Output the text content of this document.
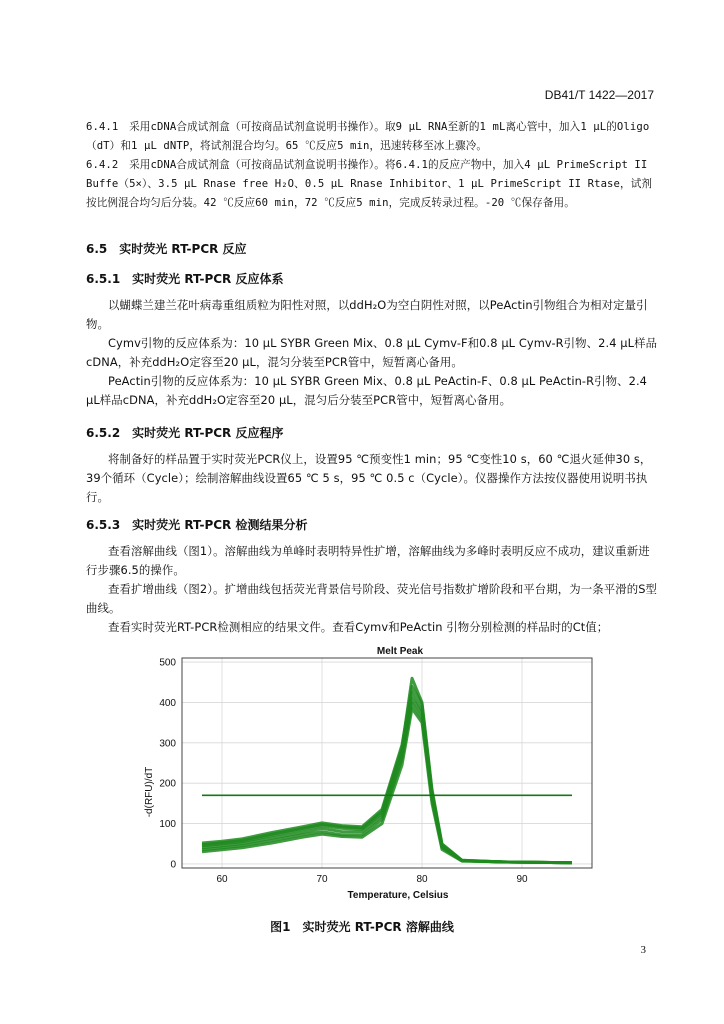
DB41/T 1422—2017

6.4.1　采用cDNA合成试剂盒（可按商品试剂盒说明书操作）。取9 μL RNA至新的1 mL离心管中，加入1 μL的Oligo（dT）和1 μL dNTP，将试剂混合均匀。65 ℃反应5 min，迅速转移至冰上骤冷。

6.4.2　采用cDNA合成试剂盒（可按商品试剂盒说明书操作）。将6.4.1的反应产物中，加入4 μL PrimeScript II Buffe（5×）、3.5 μL Rnase free H₂O、0.5 μL Rnase Inhibitor、1 μL PrimeScript II Rtase，试剂按比例混合均匀后分装。42 ℃反应60 min，72 ℃反应5 min，完成反转录过程。-20 ℃保存备用。

6.5　实时荧光 RT-PCR 反应
6.5.1　实时荧光 RT-PCR 反应体系

以蝴蝶兰建兰花叶病毒重组质粒为阳性对照，以ddH₂O为空白阴性对照，以PeActin引物组合为相对定量引物。

Cymv引物的反应体系为：10 μL SYBR Green Mix、0.8 μL Cymv-F和0.8 μL Cymv-R引物、2.4 μL样品cDNA，补充ddH₂O定容至20 μL，混匀分装至PCR管中，短暂离心备用。

PeActin引物的反应体系为：10 μL SYBR Green Mix、0.8 μL PeActin-F、0.8 μL PeActin-R引物、2.4 μL样品cDNA，补充ddH₂O定容至20 μL，混匀后分装至PCR管中，短暂离心备用。

6.5.2　实时荧光 RT-PCR 反应程序

将制备好的样品置于实时荧光PCR仪上，设置95 ℃预变性1 min；95 ℃变性10 s，60 ℃退火延伸30 s，39个循环（Cycle）；绘制溶解曲线设置65 ℃ 5 s，95 ℃ 0.5 c（Cycle）。仪器操作方法按仪器使用说明书执行。

6.5.3　实时荧光 RT-PCR 检测结果分析

查看溶解曲线（图1）。溶解曲线为单峰时表明特异性扩增，溶解曲线为多峰时表明反应不成功，建议重新进行步骤6.5的操作。

查看扩增曲线（图2）。扩增曲线包括荧光背景信号阶段、荧光信号指数扩增阶段和平台期，为一条平滑的S型曲线。

查看实时荧光RT-PCR检测相应的结果文件。查看Cymv和PeActin 引物分别检测的样品时的Ct值；

Melt Peak
-d(RFU)/dT
Temperature, Celsius
0
100
200
300
400
500
60	70	80	90
图1　实时荧光 RT-PCR 溶解曲线
3
